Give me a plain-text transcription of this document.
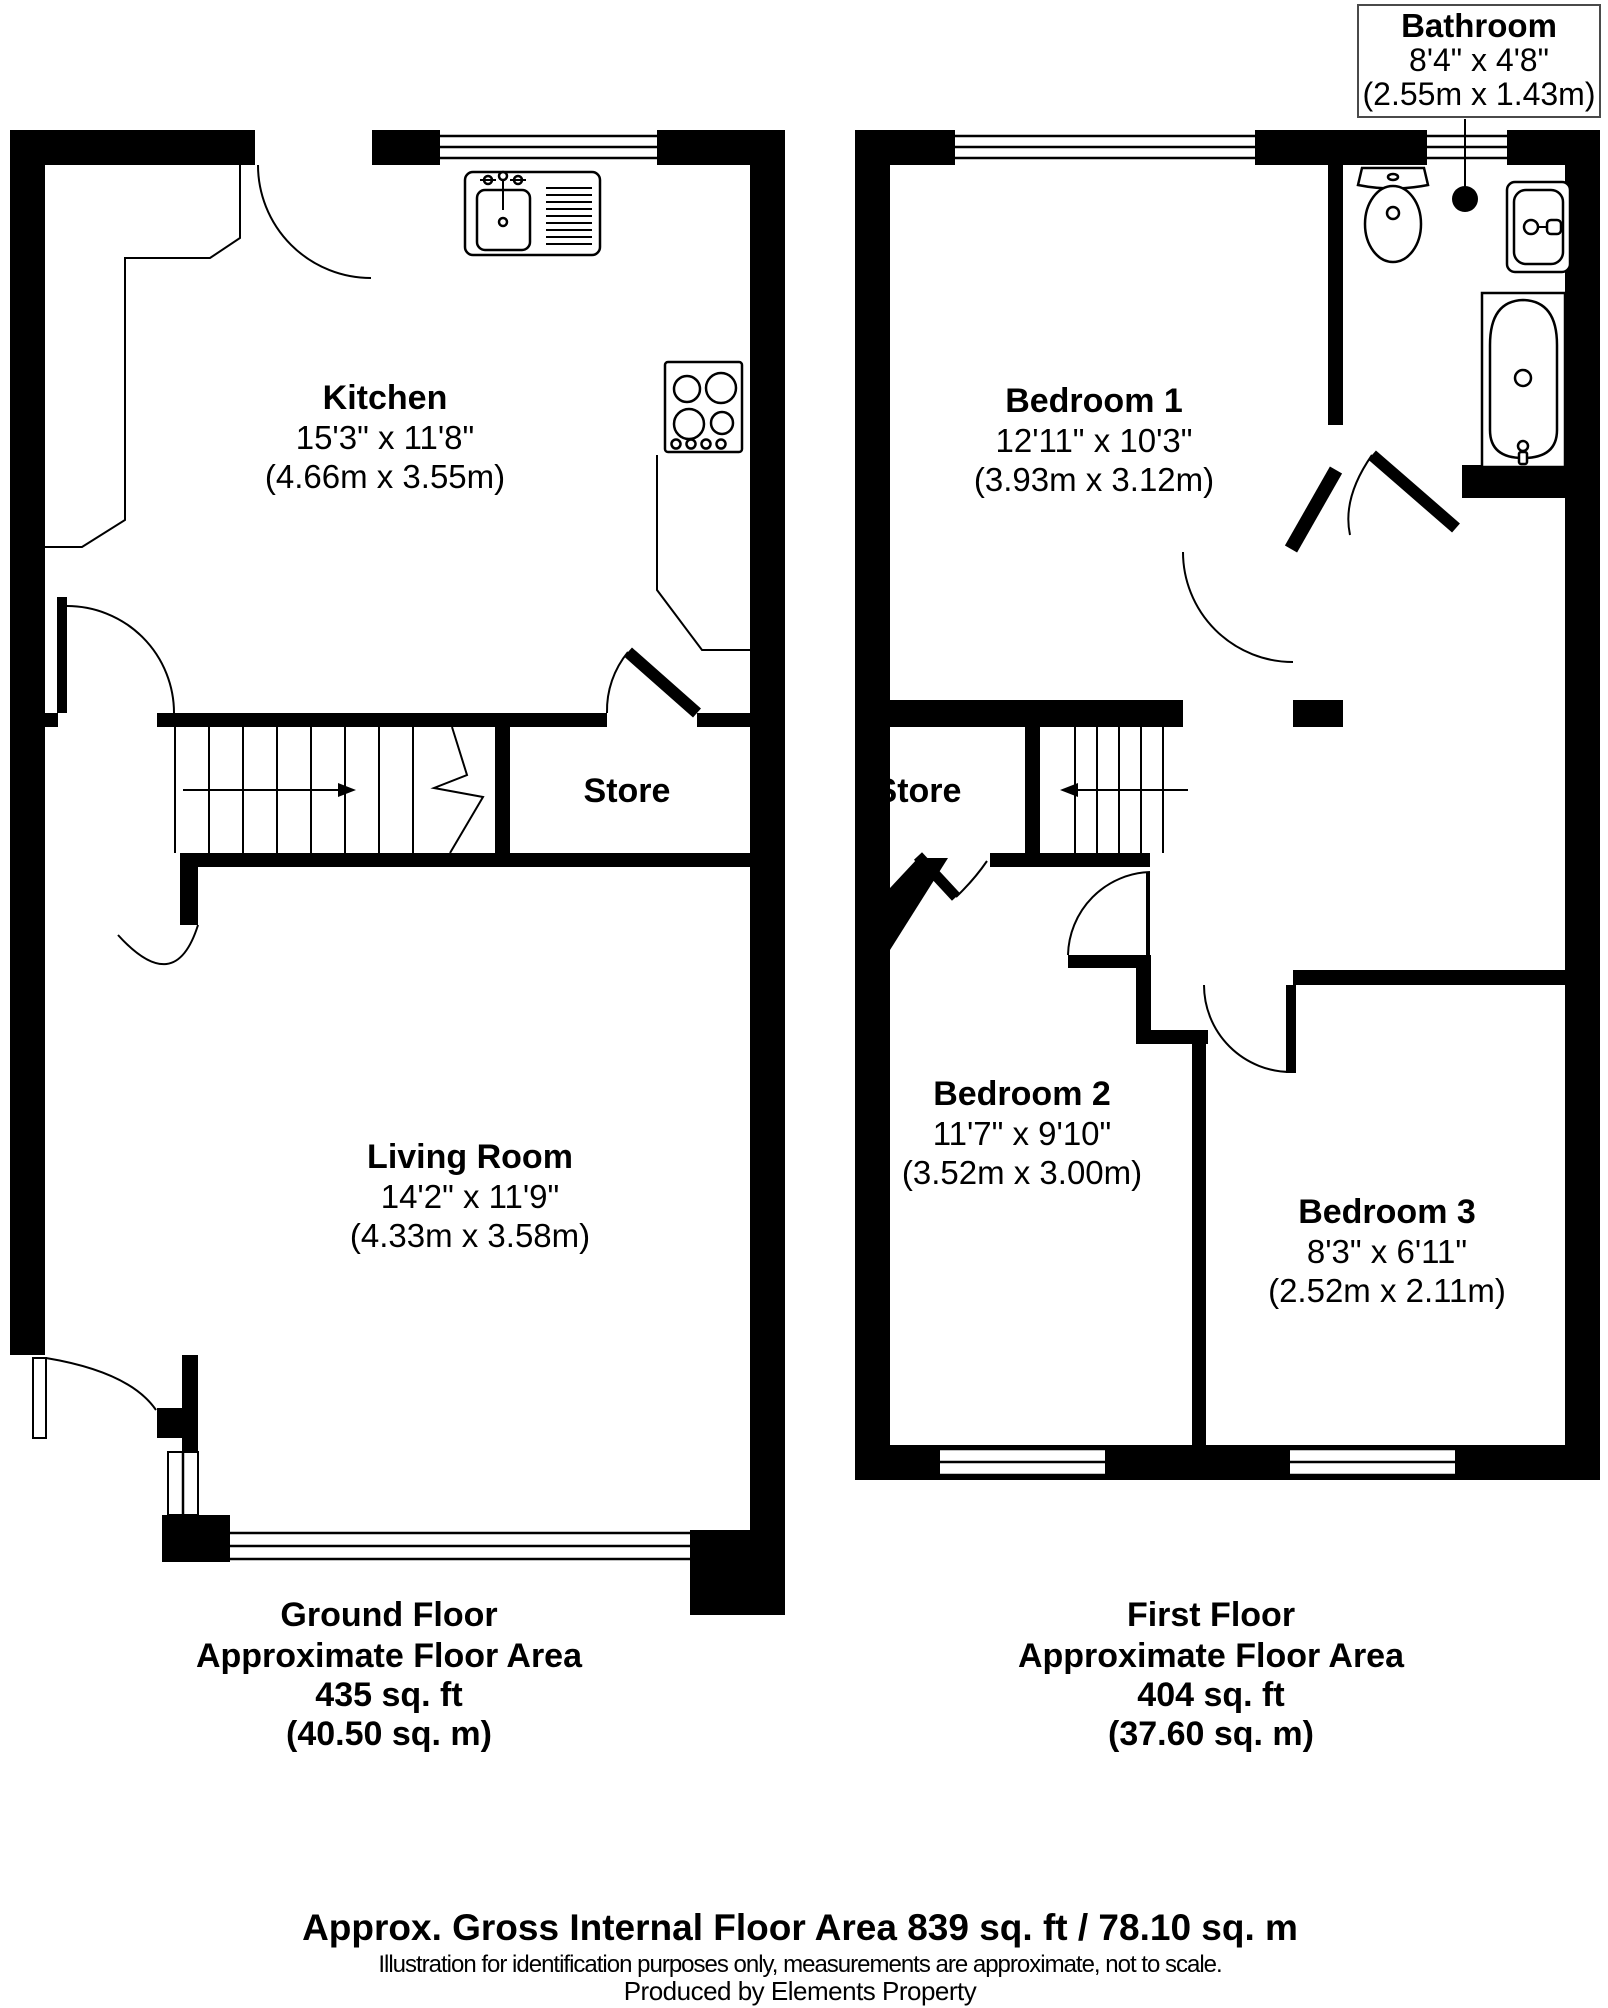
Kitchen
15'3" x 11'8"
(4.66m x 3.55m)
Store
Living Room
14'2" x 11'9"
(4.33m x 3.58m)
Ground Floor
Approximate Floor Area
435 sq. ft
(40.50 sq. m)
Bathroom
8'4" x 4'8"
(2.55m x 1.43m)
Bedroom 1
12'11" x 10'3"
(3.93m x 3.12m)
Store
Bedroom 2
11'7" x 9'10"
(3.52m x 3.00m)
Bedroom 3
8'3" x 6'11"
(2.52m x 2.11m)
First Floor
Approximate Floor Area
404 sq. ft
(37.60 sq. m)
Approx. Gross Internal Floor Area 839 sq. ft / 78.10 sq. m
Illustration for identification purposes only, measurements are approximate, not to scale.
Produced by Elements Property
